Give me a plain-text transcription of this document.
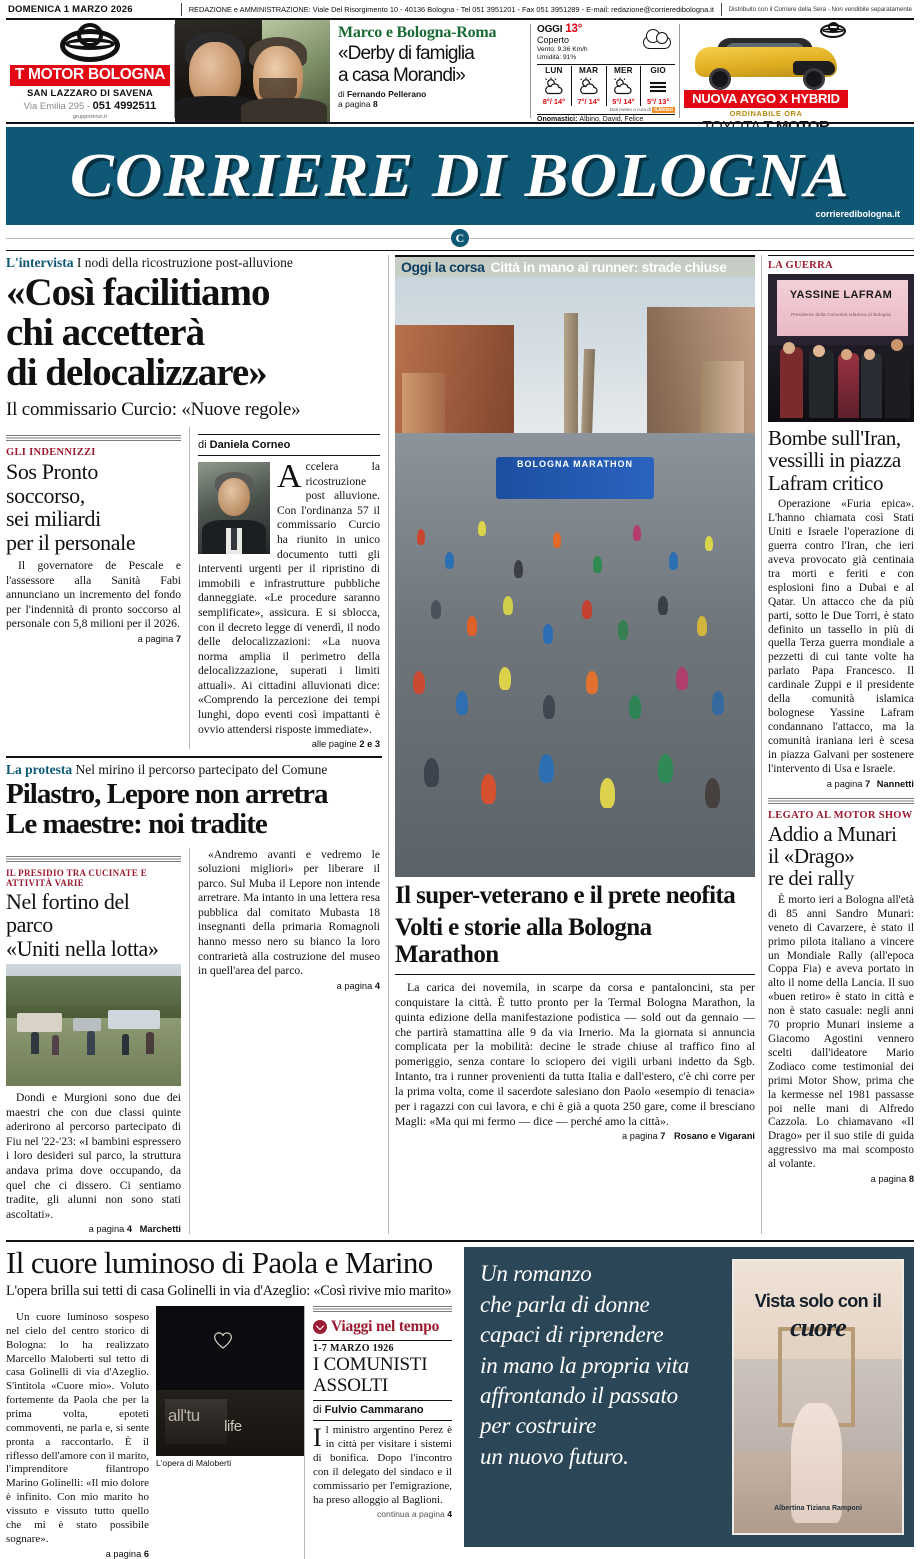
DOMENICA 1 MARZO 2026	REDAZIONE e AMMINISTRAZIONE: Viale Del Risorgimento 10 - 40136 Bologna - Tel 051 3951201 - Fax 051 3951289 - E-mail: redazione@corrieredibologna.it Distribuito con il Corriere della Sera - Non vendibile separatamente
T MOTOR BOLOGNA
SAN LAZZARO DI SAVENA
Via Emilia 295 - 051 4992511
grupporenzi.it
Marco e Bologna-Roma
«Derby di famiglia
a casa Morandi»
di Fernando Pellerano
a pagina 8
OGGI 13°
Coperto
Vento: 9.36 Km/h
Umidità: 91%
LUN
8°/ 14°
MAR
7°/ 14°
MER
5°/ 14°
GIO
5°/ 13°
Dati meteo a cura di iLMeteo
Onomastici: Albino, David, Felice
NUOVA AYGO X HYBRID
ORDINABILE ORA
CORRIERE DI BOLOGNA
corrieredibologna.it
C
L'intervista I nodi della ricostruzione post-alluvione
«Così facilitiamo
chi accetterà
di delocalizzare»
Il commissario Curcio: «Nuove regole»
GLI INDENNIZZI
Sos Pronto
soccorso,
sei miliardi
per il personale
Il governatore de Pescale e l'assessore alla Sanità Fabi annunciano un incremento del fondo per l'indennità di pronto soccorso al personale con 5,8 milioni per il 2026.
a pagina 7
di Daniela Corneo
A ccelera la ricostruzione post alluvione. Con l'ordinanza 57 il commissario Curcio ha riunito in unico documento tutti gli interventi urgenti per il ripristino di immobili e infrastrutture pubbliche danneggiate. «Le procedure saranno semplificate», assicura. E si sblocca, con il decreto legge di venerdì, il nodo delle delocalizzazioni: «La nuova norma amplia il perimetro della delocalizzazione, superati i limiti attuali». Ai cittadini alluvionati dice: «Comprendo la percezione dei tempi lunghi, dopo eventi così impattanti è ovvio attendersi risposte immediate».
alle pagine 2 e 3
La protesta Nel mirino il percorso partecipato del Comune
Pilastro, Lepore non arretra
Le maestre: noi tradite
IL PRESIDIO TRA CUCINATE E ATTIVITÀ VARIE
Nel fortino del parco
«Uniti nella lotta»
Dondi e Murgioni sono due dei maestri che con due classi quinte aderirono al percorso partecipato di Fiu nel '22-'23: «I bambini espressero i loro desideri sul parco, la struttura andava prima dove occupando, da quel che ci dissero. Ci sentiamo tradite, gli alunni non sono stati ascoltati».
a pagina 4 Marchetti
«Andremo avanti e vedremo le soluzioni migliori» per liberare il parco. Sul Muba il Lepore non intende arretrare. Ma intanto in una lettera resa pubblica dal comitato Mubasta 18 insegnanti della primaria Romagnoli hanno messo nero su bianco la loro contrarietà alla costruzione del museo in quell'area del parco.
a pagina 4
Oggi la corsa Città in mano ai runner: strade chiuse
BOLOGNA MARATHON
Il super-veterano e il prete neofita
Volti e storie alla Bologna Marathon
La carica dei novemila, in scarpe da corsa e pantaloncini, sta per conquistare la città. È tutto pronto per la Termal Bologna Marathon, la quinta edizione della manifestazione podistica — sold out da gennaio — che partirà stamattina alle 9 da via Irnerio. Ma la giornata si annuncia complicata per la mobilità: decine le strade chiuse al traffico fino al pomeriggio, senza contare lo sciopero dei vigili urbani indetto da Sgb. Intanto, tra i runner provenienti da tutta Italia e dall'estero, c'è chi corre per la prima volta, come il sacerdote salesiano don Paolo «esempio di tenacia» per i ragazzi con cui lavora, e chi è già a quota 250 gare, come il bresciano Magli: «Ma qui mi fermo — dice — perché amo la città».
a pagina 7 Rosano e Vigarani
LA GUERRA
YASSINE LAFRAM
Presidente della Comunità Islamica di Bologna
Bombe sull'Iran,
vessilli in piazza
Lafram critico
Operazione «Furia epica». L'hanno chiamata così Stati Uniti e Israele l'operazione di guerra contro l'Iran, che ieri aveva provocato già centinaia tra morti e feriti e con esplosioni fino a Dubai e al Qatar. Un attacco che da più parti, sotto le Due Torri, è stato definito un tassello in più di quella Terza guerra mondiale a pezzetti di cui tante volte ha parlato Papa Francesco. Il cardinale Zuppi e il presidente della comunità islamica bolognese Yassine Lafram condannano l'attacco, ma la comunità iraniana ieri è scesa in piazza Galvani per sostenere l'intervento di Usa e Israele.
a pagina 7 Nannetti
LEGATO AL MOTOR SHOW
Addio a Munari
il «Drago»
re dei rally
È morto ieri a Bologna all'età di 85 anni Sandro Munari: veneto di Cavarzere, è stato il primo pilota italiano a vincere un Mondiale Rally (all'epoca Coppa Fia) e aveva portato in alto il nome della Lancia. Il suo «buen retiro» è stato in città e non è stato casuale: negli anni 70 proprio Munari insieme a Giacomo Agostini vennero scelti dall'ideatore Mario Zodiaco come testimonial dei primi Motor Show, prima che la kermesse nel 1981 passasse poi nelle mani di Alfredo Cazzola. Lo chiamavano «Il Drago» per il suo stile di guida aggressivo ma mai scomposto al volante.
a pagina 8
Il cuore luminoso di Paola e Marino
L'opera brilla sui tetti di casa Golinelli in via d'Azeglio: «Così rivive mio marito»
Un cuore luminoso sospeso nel cielo del centro storico di Bologna: lo ha realizzato Marcello Maloberti sul tetto di casa Golinelli di via d'Azeglio. S'intitola «Cuore mio». Voluto fortemente da Paola che per la prima volta, epoteti commoventi, ne parla e, si sente pronta a raccontarlo. È il riflesso dell'amore con il marito, l'imprenditore filantropo Marino Golinelli: «Il mio dolore è infinito. Con mio marito ho vissuto e vissuto tutto quello che mi è stato possibile sognare».
a pagina 6
all'tu
life
L'opera di Maloberti
Viaggi nel tempo
1-7 MARZO 1926
I COMUNISTI
ASSOLTI
di Fulvio Cammarano
I l ministro argentino Perez è in città per visitare i sistemi di bonifica. Dopo l'incontro con il delegato del sindaco e il commissario per l'emigrazione, ha preso alloggio al Baglioni.
continua a pagina 4
Un romanzo
che parla di donne
capaci di riprendere
in mano la propria vita
affrontando il passato
per costruire
un nuovo futuro.
Vista solo con il
cuore
Albertina Tiziana Ramponi
